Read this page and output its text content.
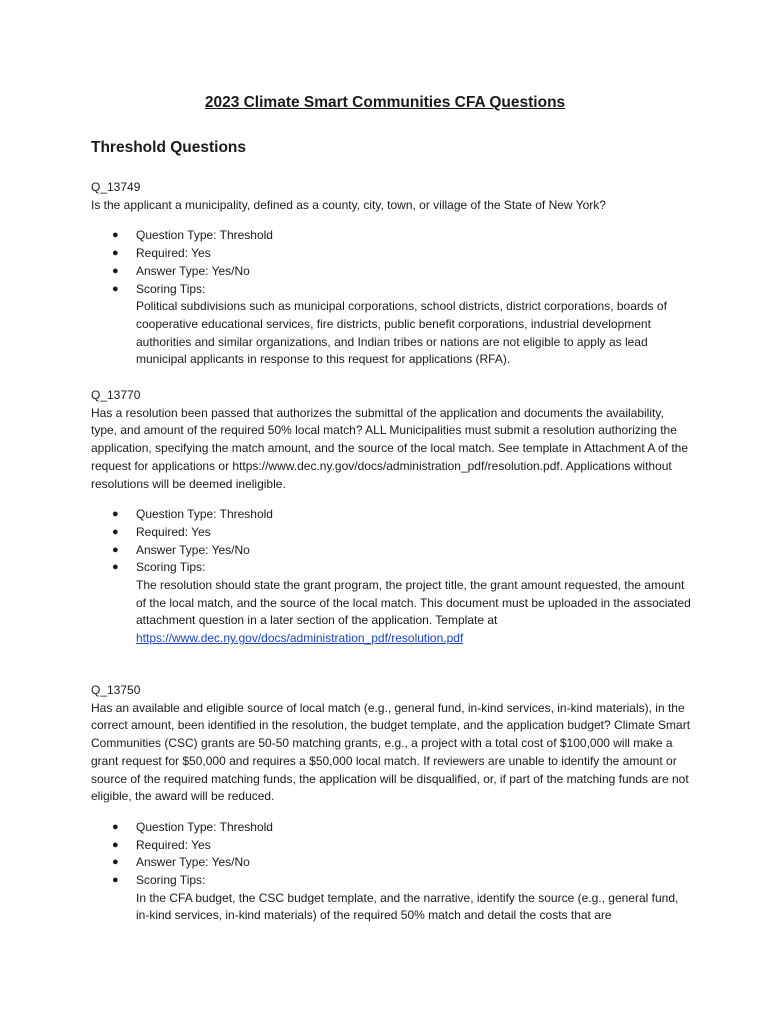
2023 Climate Smart Communities CFA Questions
Threshold Questions

Q_13749

Is the applicant a municipality, defined as a county, city, town, or village of the State of New York?

● Question Type: Threshold
● Required: Yes
● Answer Type: Yes/No
● Scoring Tips:

Political subdivisions such as municipal corporations, school districts, district corporations, boards of cooperative educational services, fire districts, public benefit corporations, industrial development authorities and similar organizations, and Indian tribes or nations are not eligible to apply as lead municipal applicants in response to this request for applications (RFA).

Q_13770

Has a resolution been passed that authorizes the submittal of the application and documents the availability, type, and amount of the required 50% local match? ALL Municipalities must submit a resolution authorizing the application, specifying the match amount, and the source of the local match. See template in Attachment A of the request for applications or https://www.dec.ny.gov/docs/administration_pdf/resolution.pdf. Applications without resolutions will be deemed ineligible.

● Question Type: Threshold
● Required: Yes
● Answer Type: Yes/No
● Scoring Tips:

The resolution should state the grant program, the project title, the grant amount requested, the amount of the local match, and the source of the local match. This document must be uploaded in the associated attachment question in a later section of the application. Template at https://www.dec.ny.gov/docs/administration_pdf/resolution.pdf

Q_13750

Has an available and eligible source of local match (e.g., general fund, in-kind services, in-kind materials), in the correct amount, been identified in the resolution, the budget template, and the application budget? Climate Smart Communities (CSC) grants are 50-50 matching grants, e.g., a project with a total cost of $100,000 will make a grant request for $50,000 and requires a $50,000 local match. If reviewers are unable to identify the amount or source of the required matching funds, the application will be disqualified, or, if part of the matching funds are not eligible, the award will be reduced.

● Question Type: Threshold
● Required: Yes
● Answer Type: Yes/No
● Scoring Tips:

In the CFA budget, the CSC budget template, and the narrative, identify the source (e.g., general fund, in-kind services, in-kind materials) of the required 50% match and detail the costs that are
